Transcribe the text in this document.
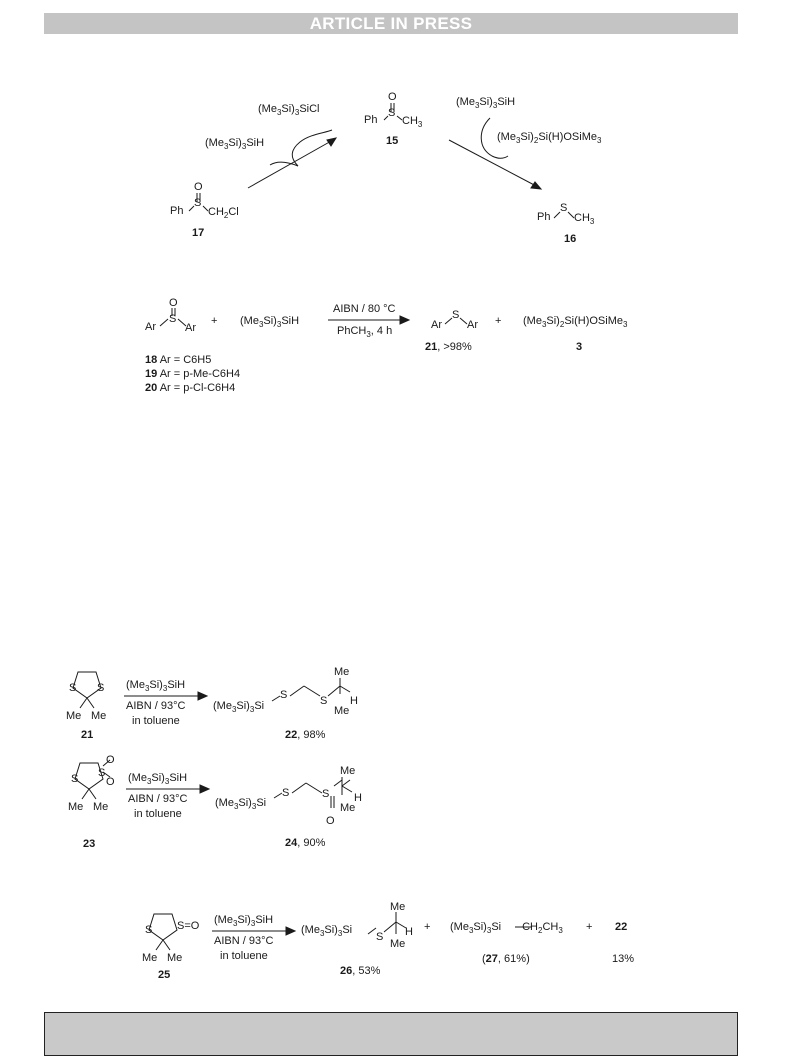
ARTICLE IN PRESS
$(Me_3Si)_3SiCl$
$(Me_3Si)_3SiH$
O
Ph
S
$CH_3$
15
$(Me_3Si)_3SiH$
$(Me_3Si)_2Si(H)OSiMe_3$
O
Ph
S
$CH_2Cl$
17
Ph
S
$CH_3$
16
O
Ar
S
Ar
+ $(Me_3Si)_3SiH$
AIBN / 80 °C
PhCH$_3$, 4 h	Ar
S
Ar
21, >98%
+ $(Me_3Si)_2Si(H)OSiMe_3$
3
18 Ar = C6H5
19 Ar = p-Me-C6H4
20 Ar = p-Cl-C6H4
S S
Me Me
21
$(Me_3Si)_3SiH$
AIBN / 93°C
in toluene
$(Me_3Si)_3Si$
S	S
Me
H
Me
22, 98%
S S
O
O
Me Me
23
$(Me_3Si)_3SiH$
AIBN / 93°C
in toluene
$(Me_3Si)_3Si$
S	S
O
Me
H
Me
24, 90%
S S=O
Me Me
25
$(Me_3Si)_3SiH$
AIBN / 93°C
in toluene
$(Me_3Si)_3Si$
S
Me
H
Me
26, 53%
+ $(Me_3Si)_3Si$ $CH_2CH_3$
(27, 61%)
+ 22
13%
